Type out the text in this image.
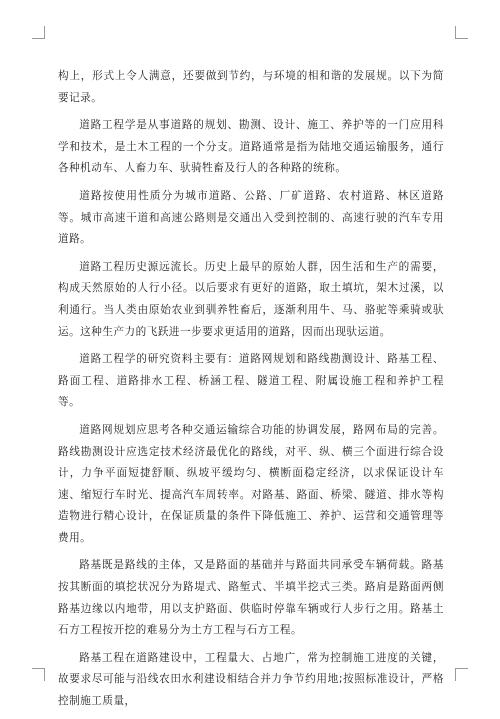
构上，形式上令人满意，还要做到节约，与环境的相和谐的发展规。以下为简要记录。

道路工程学是从事道路的规划、勘测、设计、施工、养护等的一门应用科学和技术，是土木工程的一个分支。道路通常是指为陆地交通运输服务，通行各种机动车、人畜力车、驮骑牲畜及行人的各种路的统称。

道路按使用性质分为城市道路、公路、厂矿道路、农村道路、林区道路等。城市高速干道和高速公路则是交通出入受到控制的、高速行驶的汽车专用道路。

道路工程历史源远流长。历史上最早的原始人群，因生活和生产的需要，构成天然原始的人行小径。以后要求有更好的道路，取土填坑，架木过溪，以利通行。当人类由原始农业到驯养牲畜后，逐渐利用牛、马、骆驼等乘骑或驮运。这种生产力的飞跃进一步要求更适用的道路，因而出现驮运道。

道路工程学的研究资料主要有：道路网规划和路线勘测设计、路基工程、路面工程、道路排水工程、桥涵工程、隧道工程、附属设施工程和养护工程等。

道路网规划应思考各种交通运输综合功能的协调发展，路网布局的完善。路线勘测设计应选定技术经济最优化的路线，对平、纵、横三个面进行综合设计，力争平面短捷舒顺、纵坡平缓均匀、横断面稳定经济，以求保证设计车速、缩短行车时光、提高汽车周转率。对路基、路面、桥梁、隧道、排水等构造物进行精心设计，在保证质量的条件下降低施工、养护、运营和交通管理等费用。

路基既是路线的主体，又是路面的基础并与路面共同承受车辆荷载。路基按其断面的填挖状况分为路堤式、路堑式、半填半挖式三类。路肩是路面两侧路基边缘以内地带，用以支护路面、供临时停靠车辆或行人步行之用。路基土石方工程按开挖的难易分为土方工程与石方工程。

路基工程在道路建设中，工程量大、占地广，常为控制施工进度的关键，故要求尽可能与沿线农田水利建设相结合并力争节约用地;按照标准设计，严格控制施工质量，
